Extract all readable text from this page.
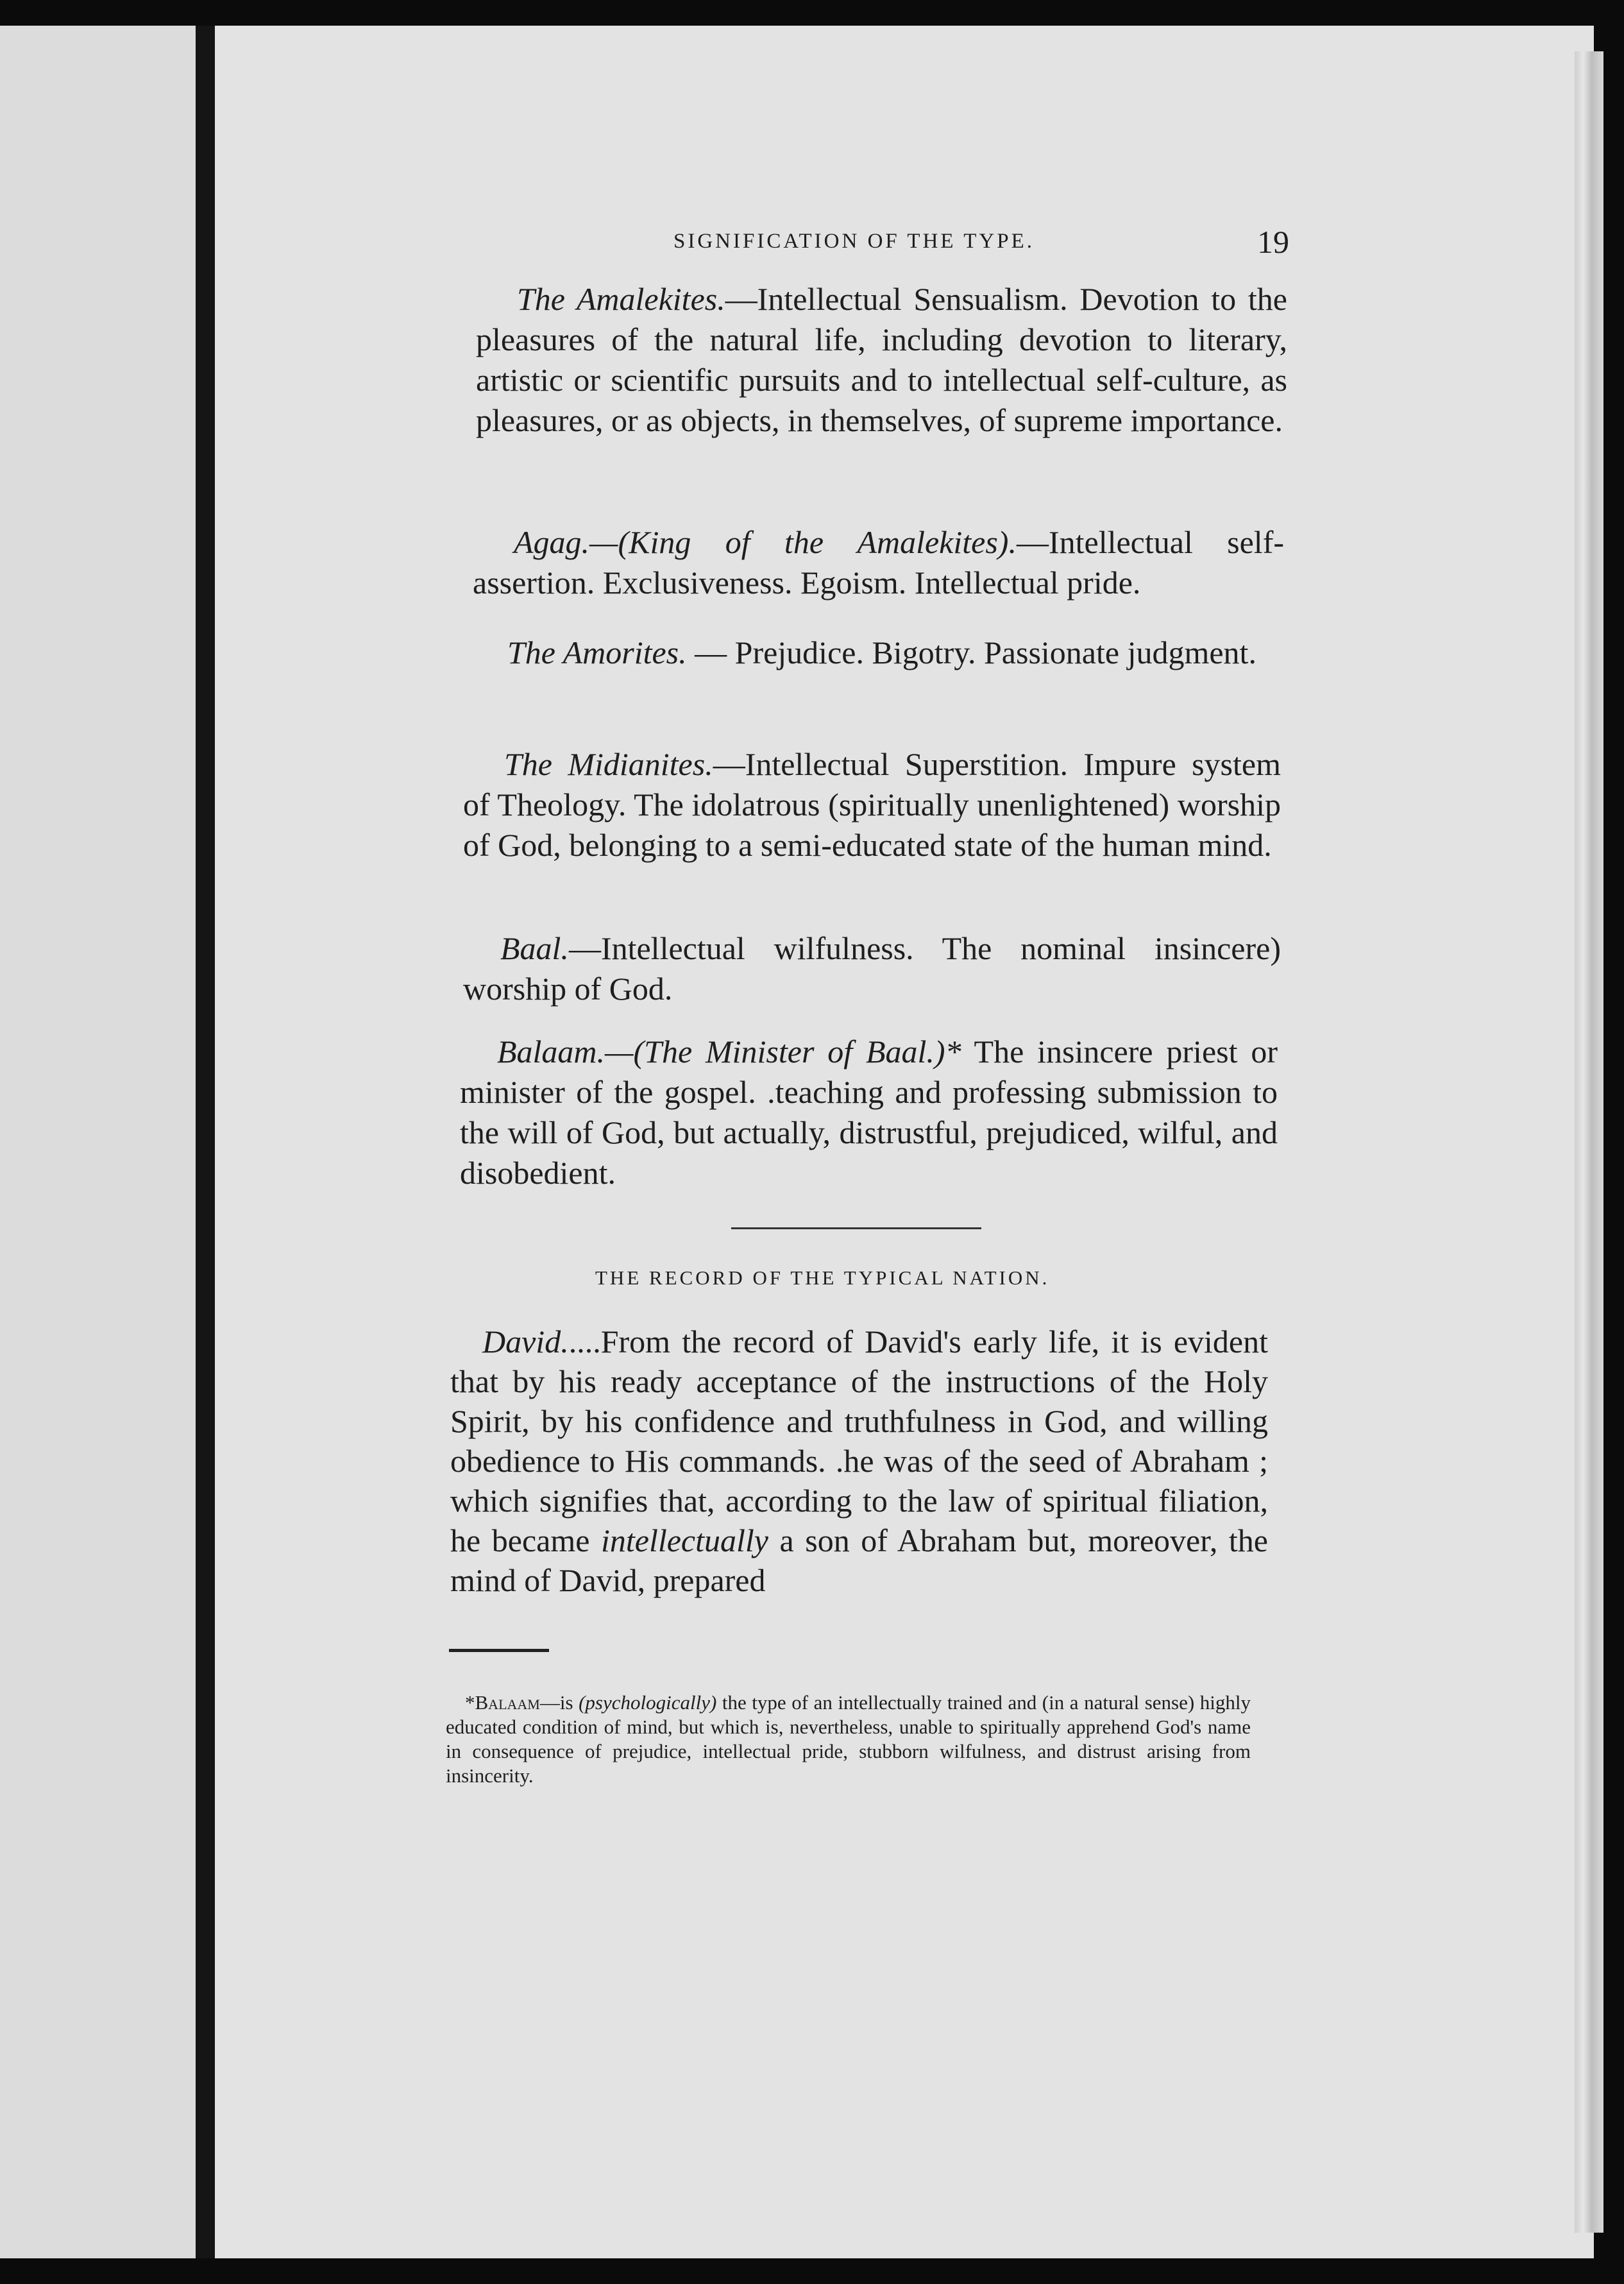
SIGNIFICATION OF THE TYPE.	19

The Amalekites.—Intellectual Sensualism. Devotion to the pleasures of the natural life, including devotion to literary, artistic or scientific pursuits and to intellectual self-culture, as pleasures, or as objects, in themselves, of supreme importance.

Agag.—(King of the Amalekites).—Intellectual self-assertion. Exclusiveness. Egoism. Intellectual pride.

The Amorites. — Prejudice. Bigotry. Passionate judgment.

The Midianites.—Intellectual Superstition. Impure system of Theology. The idolatrous (spiritually unenlightened) worship of God, belonging to a semi-educated state of the human mind.

Baal.—Intellectual wilfulness. The nominal insincere) worship of God.

Balaam.—(The Minister of Baal.)* The insincere priest or minister of the gospel. .teaching and professing submission to the will of God, but actually, distrustful, prejudiced, wilful, and disobedient.

THE RECORD OF THE TYPICAL NATION.

David.....From the record of David's early life, it is evident that by his ready acceptance of the instructions of the Holy Spirit, by his confidence and truthfulness in God, and willing obedience to His commands. .he was of the seed of Abraham ; which signifies that, according to the law of spiritual filiation, he became intellectually a son of Abraham but, moreover, the mind of David, prepared

*Balaam—is (psychologically) the type of an intellectually trained and (in a natural sense) highly educated condition of mind, but which is, nevertheless, unable to spiritually apprehend God's name in consequence of prejudice, intellectual pride, stubborn wilfulness, and distrust arising from insincerity.
